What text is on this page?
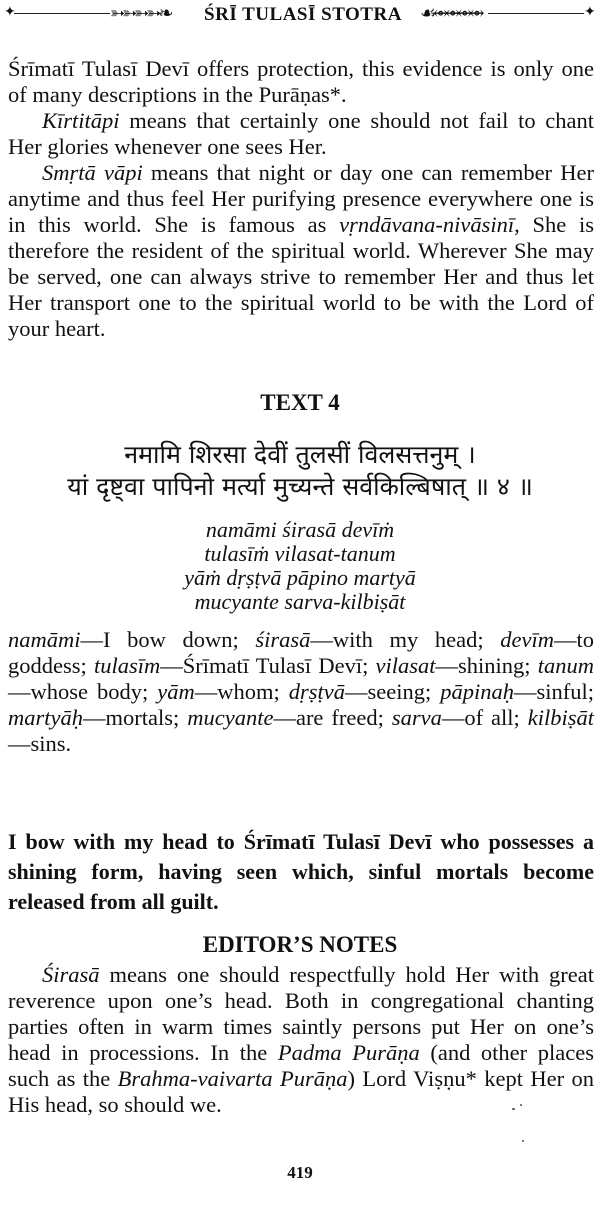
✦	➳➳➳➳❧	ŚRĪ TULASĪ STOTRA	☙⥈⥈⥈⥈	✦

Śrīmatī Tulasī Devī offers protection, this evidence is only one of many descriptions in the Purāṇas*.

Kīrtitāpi means that certainly one should not fail to chant Her glories whenever one sees Her.

Smṛtā vāpi means that night or day one can remember Her anytime and thus feel Her purifying presence everywhere one is in this world. She is famous as vṛndāvana-nivāsinī, She is therefore the resident of the spiritual world. Wherever She may be served, one can always strive to remember Her and thus let Her transport one to the spiritual world to be with the Lord of your heart.

TEXT 4
नमामि शिरसा देवीं तुलसीं विलसत्तनुम् ।
यां दृष्ट्वा पापिनो मर्त्या मुच्यन्ते सर्वकिल्बिषात् ॥ ४ ॥
namāmi śirasā devīṁ
tulasīṁ vilasat-tanum
yāṁ dṛṣṭvā pāpino martyā
mucyante sarva-kilbiṣāt

namāmi—I bow down; śirasā—with my head; devīm—to goddess; tulasīm—Śrīmatī Tulasī Devī; vilasat—shining; tanum—whose body; yām—whom; dṛṣṭvā—seeing; pāpinaḥ—sinful; martyāḥ—mortals; mucyante—are freed; sarva—of all; kilbiṣāt—sins.

I bow with my head to Śrīmatī Tulasī Devī who possesses a shining form, having seen which, sinful mortals become released from all guilt.
EDITOR’S NOTES

Śirasā means one should respectfully hold Her with great reverence upon one’s head. Both in congregational chanting parties often in warm times saintly persons put Her on one’s head in processions. In the Padma Purāṇa (and other places such as the Brahma-vaivarta Purāṇa) Lord Viṣṇu* kept Her on His head, so should we.

419
